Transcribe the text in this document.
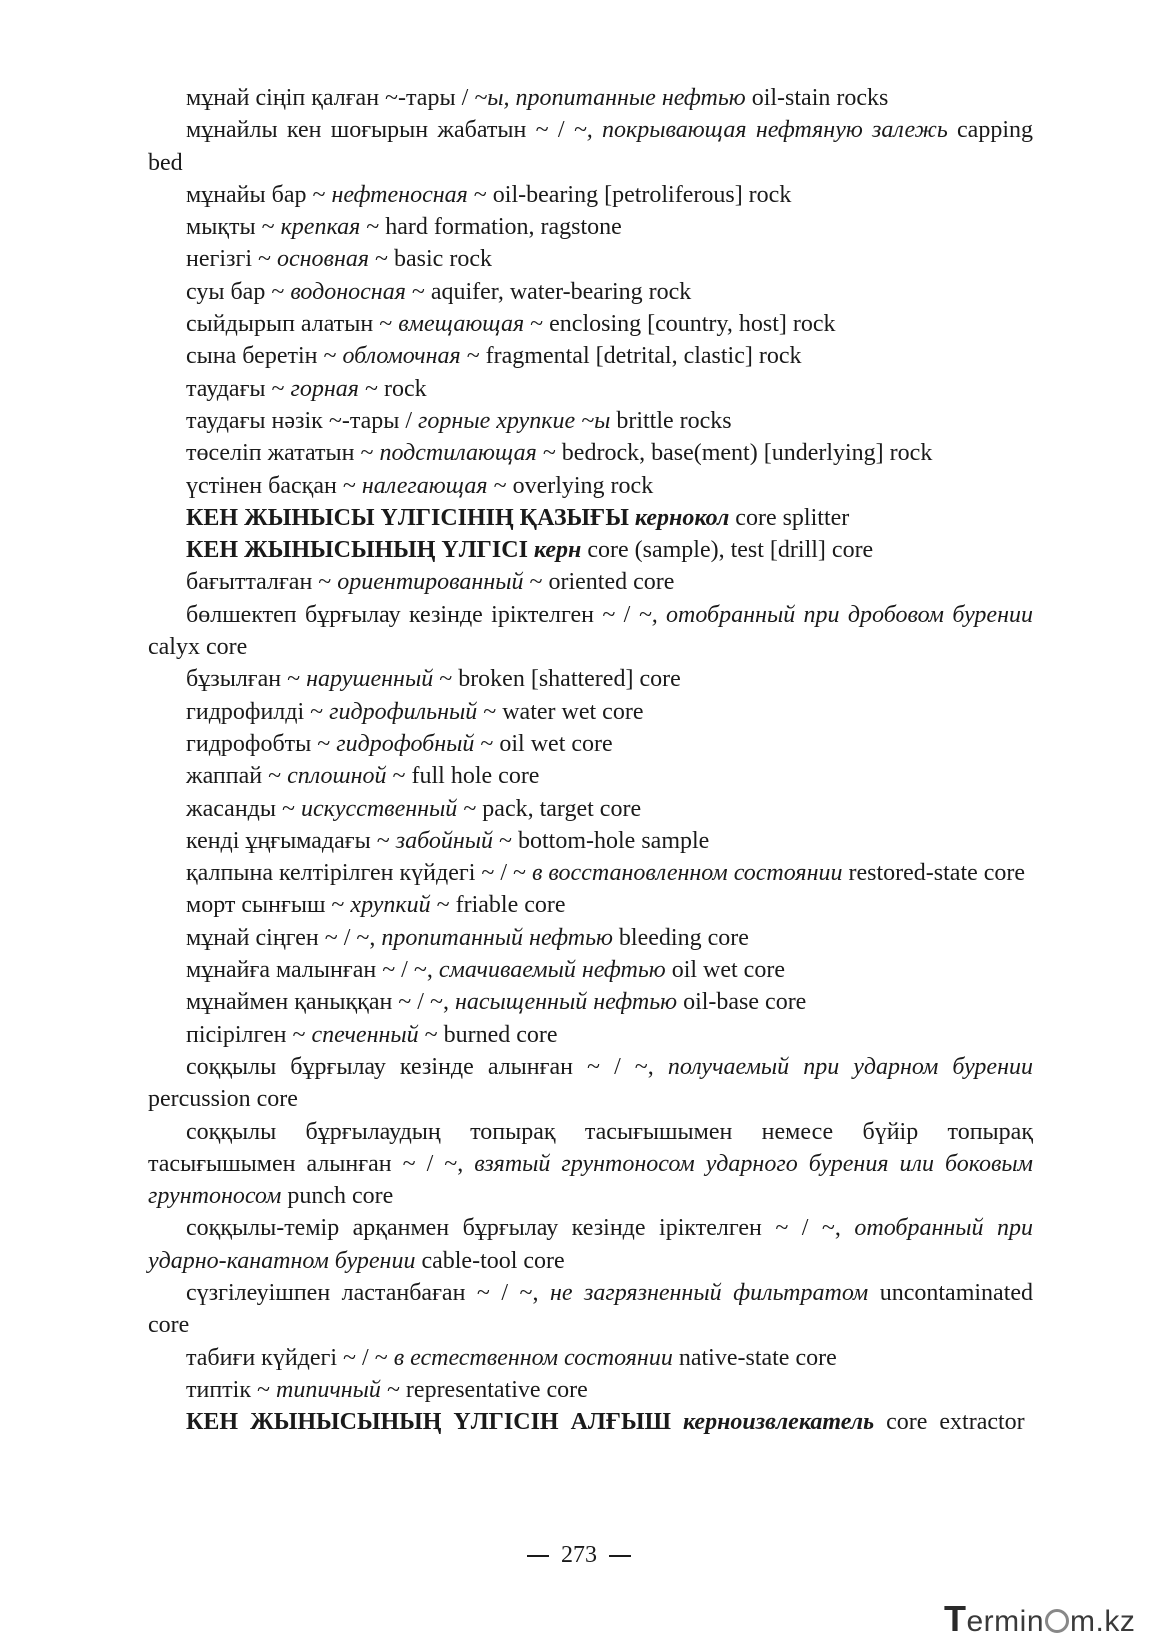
мұнай сіңіп қалған ~-тары / ~ы, пропитанные нефтью oil-stain rocks

мұнайлы кен шоғырын жабатын ~ / ~, покрывающая нефтяную залежь capping bed

мұнайы бар ~ нефтеносная ~ oil-bearing [petroliferous] rock

мықты ~ крепкая ~ hard formation, ragstone

негізгі ~ основная ~ basic rock

суы бар ~ водоносная ~ aquifer, water-bearing rock

сыйдырып алатын ~ вмещающая ~ enclosing [country, host] rock

сына беретін ~ обломочная ~ fragmental [detrital, clastic] rock

таудағы ~ горная ~ rock

таудағы нәзік ~-тары / горные хрупкие ~ы brittle rocks

төселіп жататын ~ подстилающая ~ bedrock, base(ment) [underlying] rock

үстінен басқан ~ налегающая ~ overlying rock

КЕН ЖЫНЫСЫ ҮЛГІСІНІҢ ҚАЗЫҒЫ кернокол core splitter

КЕН ЖЫНЫСЫНЫҢ ҮЛГІСІ керн core (sample), test [drill] core

бағытталған ~ ориентированный ~ oriented core

бөлшектеп бұрғылау кезінде іріктелген ~ / ~, отобранный при дробовом бурении calyx core

бұзылған ~ нарушенный ~ broken [shattered] core

гидрофилді ~ гидрофильный ~ water wet core

гидрофобты ~ гидрофобный ~ oil wet core

жаппай ~ сплошной ~ full hole core

жасанды ~ искусственный ~ pack, target core

кенді ұңғымадағы ~ забойный ~ bottom-hole sample

қалпына келтірілген күйдегі ~ / ~ в восстановленном состоянии restored-state core

морт сынғыш ~ хрупкий ~ friable core

мұнай сіңген ~ / ~, пропитанный нефтью bleeding core

мұнайға малынған ~ / ~, смачиваемый нефтью oil wet core

мұнаймен қаныққан ~ / ~, насыщенный нефтью oil-base core

пісірілген ~ спеченный ~ burned core

соққылы бұрғылау кезінде алынған ~ / ~, получаемый при ударном бурении percussion core

соққылы бұрғылаудың топырақ тасығышымен немесе бүйір топырақ тасығышымен алынған ~ / ~, взятый грунтоносом ударного бурения или боковым грунтоносом punch core

соққылы-темір арқанмен бұрғылау кезінде іріктелген ~ / ~, отобранный при ударно-канатном бурении cable-tool core

сүзгілеуішпен ластанбаған ~ / ~, не загрязненный фильтратом uncontaminated core

табиғи күйдегі ~ / ~ в естественном состоянии native-state core

типтік ~ типичный ~ representative core

КЕН ЖЫНЫСЫНЫҢ ҮЛГІСІН АЛҒЫШ керноизвлекатель core extractor

273
Termin m.kz
